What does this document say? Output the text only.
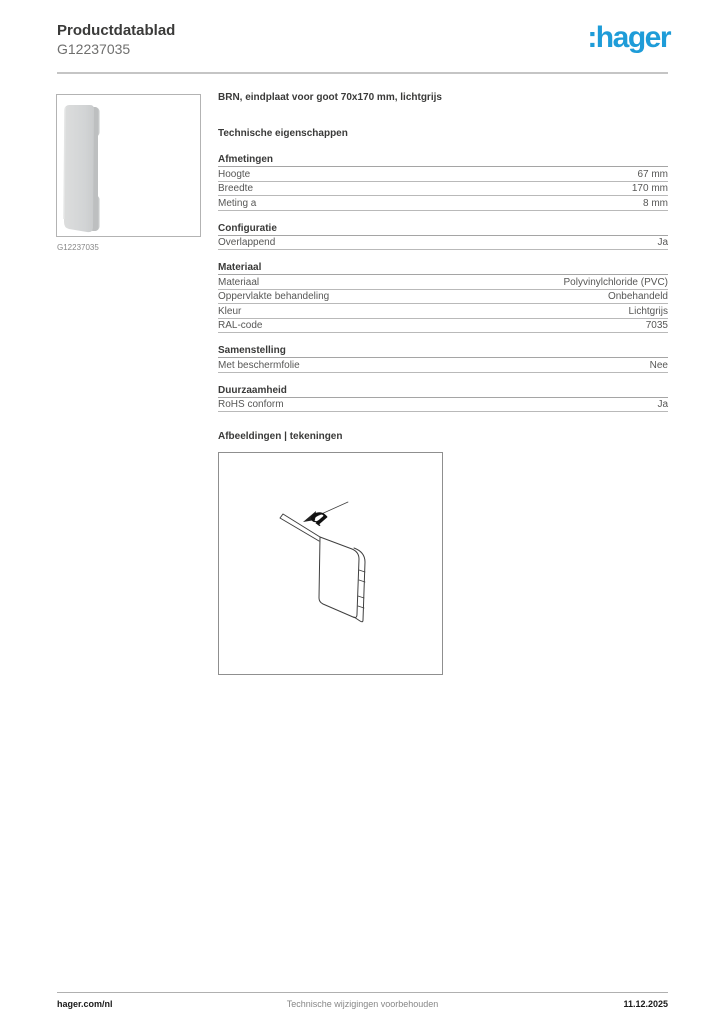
Productdatablad
G12237035	:hager
G12237035
BRN, eindplaat voor goot 70x170 mm, lichtgrijs
Technische eigenschappen
Afmetingen
Hoogte	67 mm
Breedte	170 mm
Meting a	8 mm
Configuratie
Overlappend	Ja
Materiaal
Materiaal	Polyvinylchloride (PVC)
Oppervlakte behandeling	Onbehandeld
Kleur	Lichtgrijs
RAL-code	7035
Samenstelling
Met beschermfolie	Nee
Duurzaamheid
RoHS conform	Ja
Afbeeldingen | tekeningen
a
hager.com/nl	Technische wijzigingen voorbehouden	11.12.2025
